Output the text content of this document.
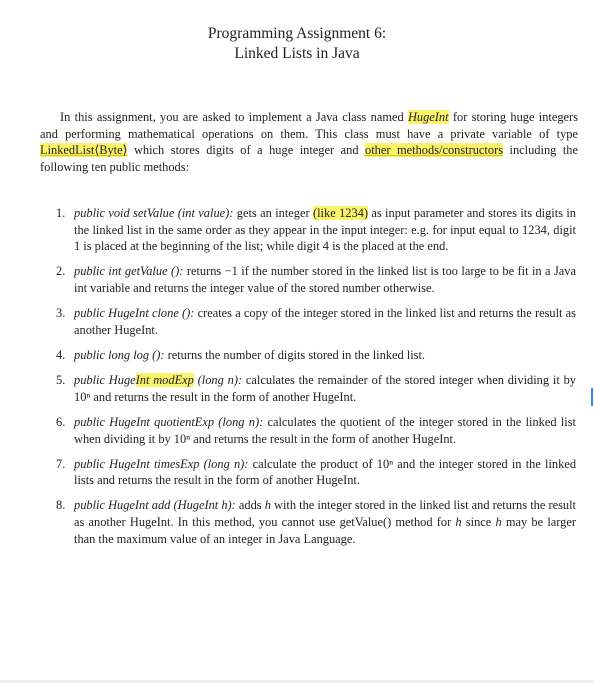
Programming Assignment 6:
Linked Lists in Java

In this assignment, you are asked to implement a Java class named HugeInt for storing huge integers and performing mathematical operations on them. This class must have a private variable of type LinkedList⟨Byte⟩ which stores digits of a huge integer and other methods/constructors including the following ten public methods:

1. public void setValue (int value): gets an integer (like 1234) as input parameter and stores its digits in the linked list in the same order as they appear in the input integer: e.g. for input equal to 1234, digit 1 is placed at the beginning of the list; while digit 4 is the placed at the end.
2. public int getValue (): returns −1 if the number stored in the linked list is too large to be fit in a Java int variable and returns the integer value of the stored number otherwise.
3. public HugeInt clone (): creates a copy of the integer stored in the linked list and returns the result as another HugeInt.
4. public long log (): returns the number of digits stored in the linked list.
5. public HugeInt modExp (long n): calculates the remainder of the stored integer when dividing it by 10ⁿ and returns the result in the form of another HugeInt.
6. public HugeInt quotientExp (long n): calculates the quotient of the integer stored in the linked list when dividing it by 10ⁿ and returns the result in the form of another HugeInt.
7. public HugeInt timesExp (long n): calculate the product of 10ⁿ and the integer stored in the linked lists and returns the result in the form of another HugeInt.
8. public HugeInt add (HugeInt h): adds h with the integer stored in the linked list and returns the result as another HugeInt. In this method, you cannot use getValue() method for h since h may be larger than the maximum value of an integer in Java Language.
